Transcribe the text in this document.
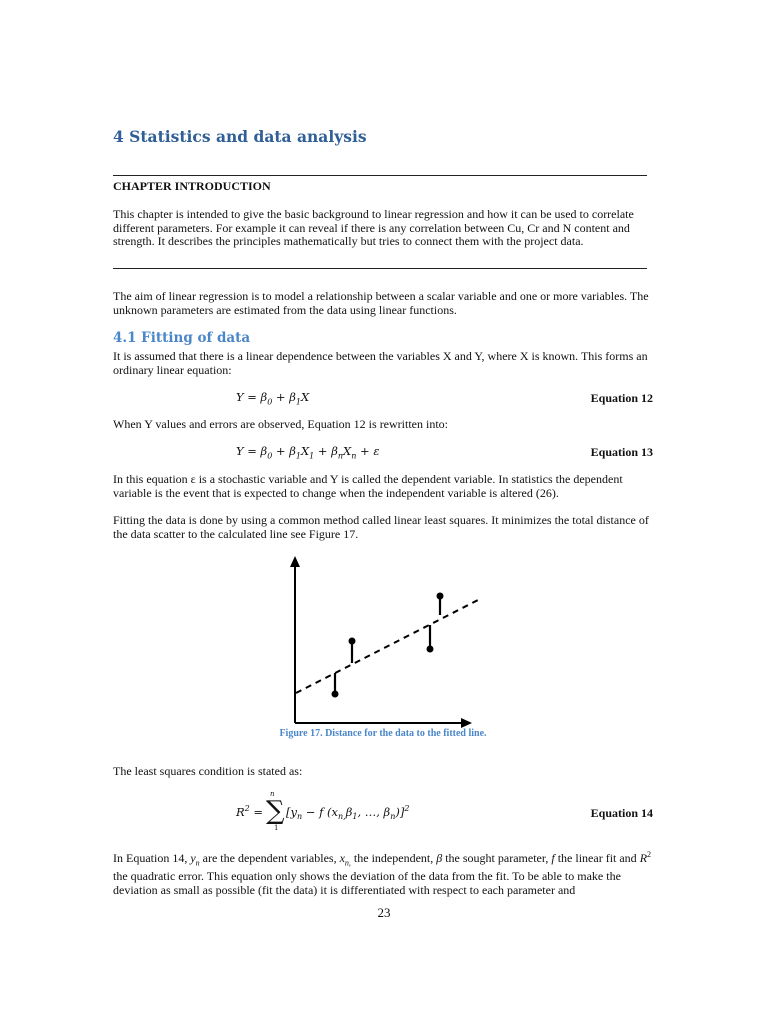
4 Statistics and data analysis

CHAPTER INTRODUCTION

This chapter is intended to give the basic background to linear regression and how it can be used to correlate different parameters. For example it can reveal if there is any correlation between Cu, Cr and N content and strength. It describes the principles mathematically but tries to connect them with the project data.

The aim of linear regression is to model a relationship between a scalar variable and one or more variables. The unknown parameters are estimated from the data using linear functions.

4.1 Fitting of data

It is assumed that there is a linear dependence between the variables X and Y, where X is known. This forms an ordinary linear equation:

$Y = \beta_0 + \beta_1X$	Equation 12

When Y values and errors are observed, Equation 12 is rewritten into:

$Y = \beta_0 + \beta_1X_1 + \beta_nX_n + \varepsilon$	Equation 13

In this equation ε is a stochastic variable and Y is called the dependent variable. In statistics the dependent variable is the event that is expected to change when the independent variable is altered (26).

Fitting the data is done by using a common method called linear least squares. It minimizes the total distance of the data scatter to the calculated line see Figure 17.

Figure 17. Distance for the data to the fitted line.

The least squares condition is stated as:

$R^2$ =
n
∑
1
[$y_n - f$ ($x_{n,}\beta_1$, …, $\beta_n)]^2$	Equation 14

In Equation 14, $y_n$ are the dependent variables, $x_{n,}$ the independent, β the sought parameter, f the linear fit and $R^2$ the quadratic error. This equation only shows the deviation of the data from the fit. To be able to make the deviation as small as possible (fit the data) it is differentiated with respect to each parameter and

23
